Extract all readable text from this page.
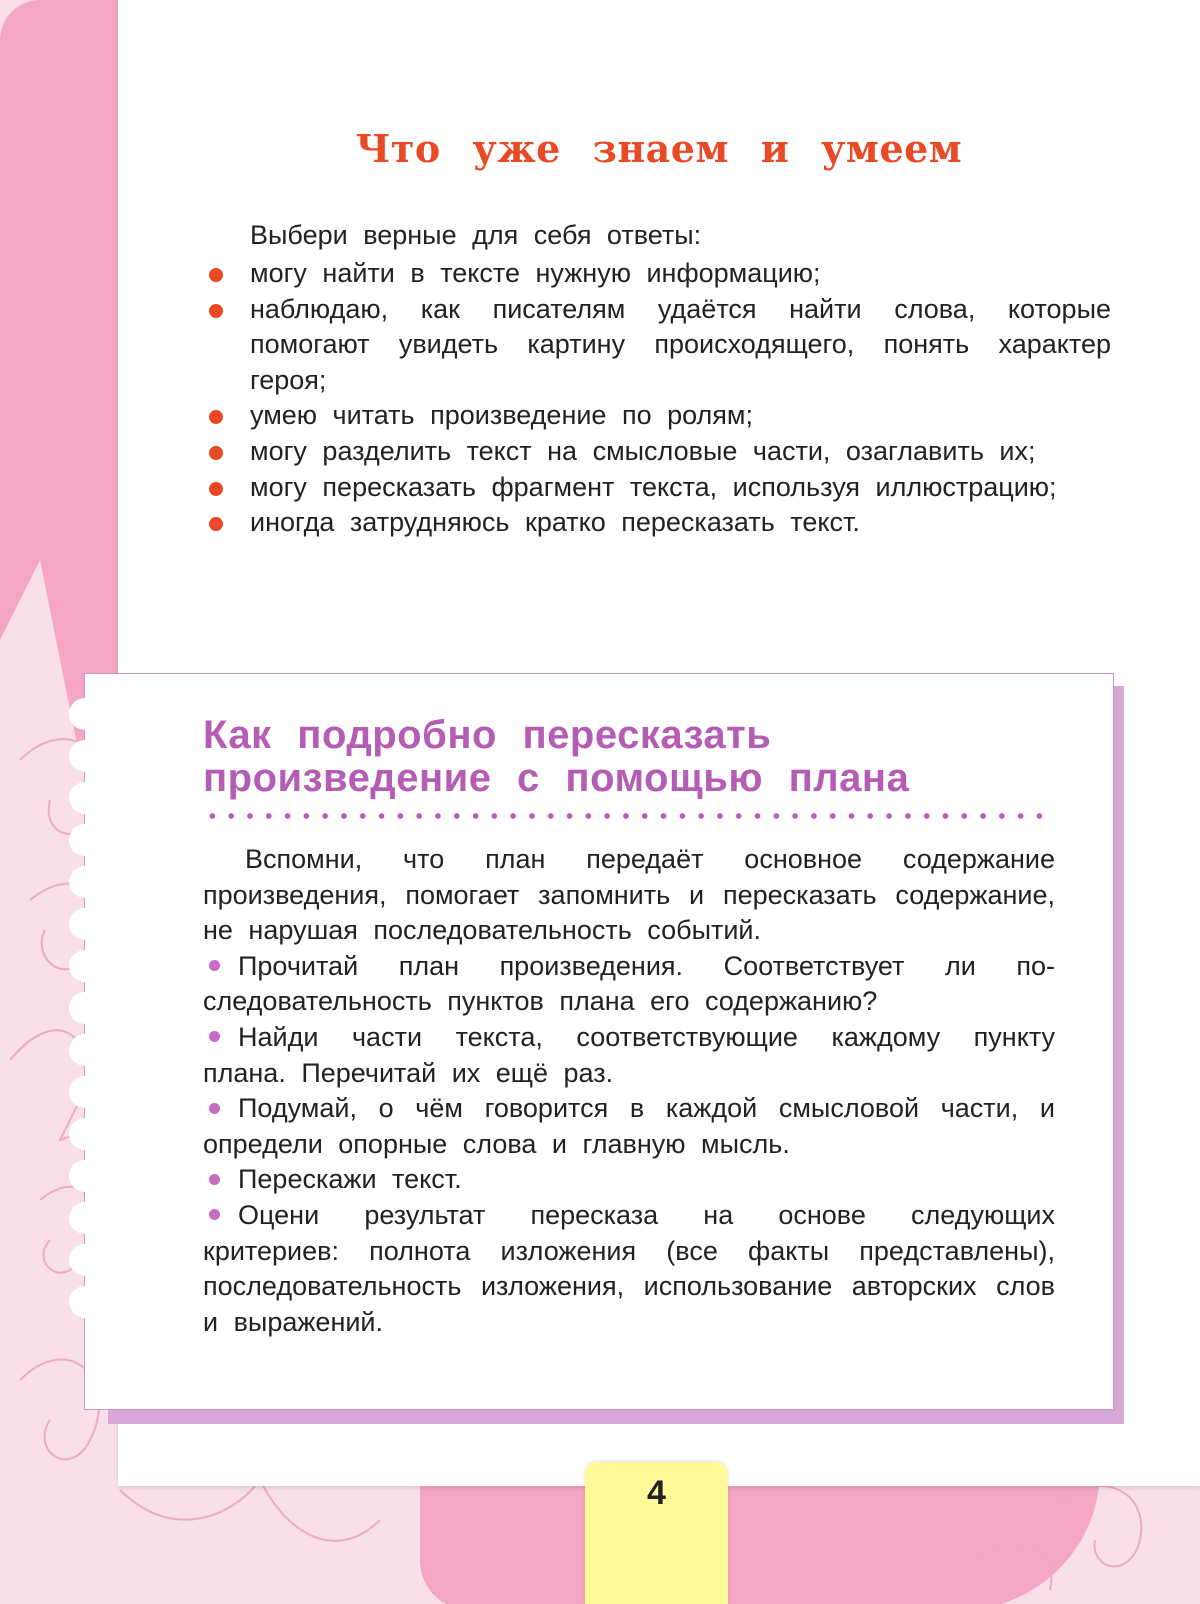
Что уже знаем и умеем

Выбери верные для себя ответы:

могу найти в тексте нужную информацию;
наблюдаю, как писателям удаётся найти слова, которые помогают увидеть картину происходящего, понять характер героя;
умею читать произведение по ролям;
могу разделить текст на смысловые части, озаглавить их;
могу пересказать фрагмент текста, используя иллюстрацию;
иногда затрудняюсь кратко пересказать текст.
Как подробно пересказать
произведение с помощью плана

Вспомни, что план передаёт основное содержание произведения, помогает запомнить и пересказать содержание, не нарушая последовательность событий.

Прочитай план произведения. Соответствует ли последовательность пунктов плана его содержанию?

Найди части текста, соответствующие каждому пункту плана. Перечитай их ещё раз.

Подумай, о чём говорится в каждой смысловой части, и определи опорные слова и главную мысль.

Перескажи текст.

Оцени результат пересказа на основе следующих критериев: полнота изложения (все факты представлены), последовательность изложения, использование авторских слов и выражений.

4
